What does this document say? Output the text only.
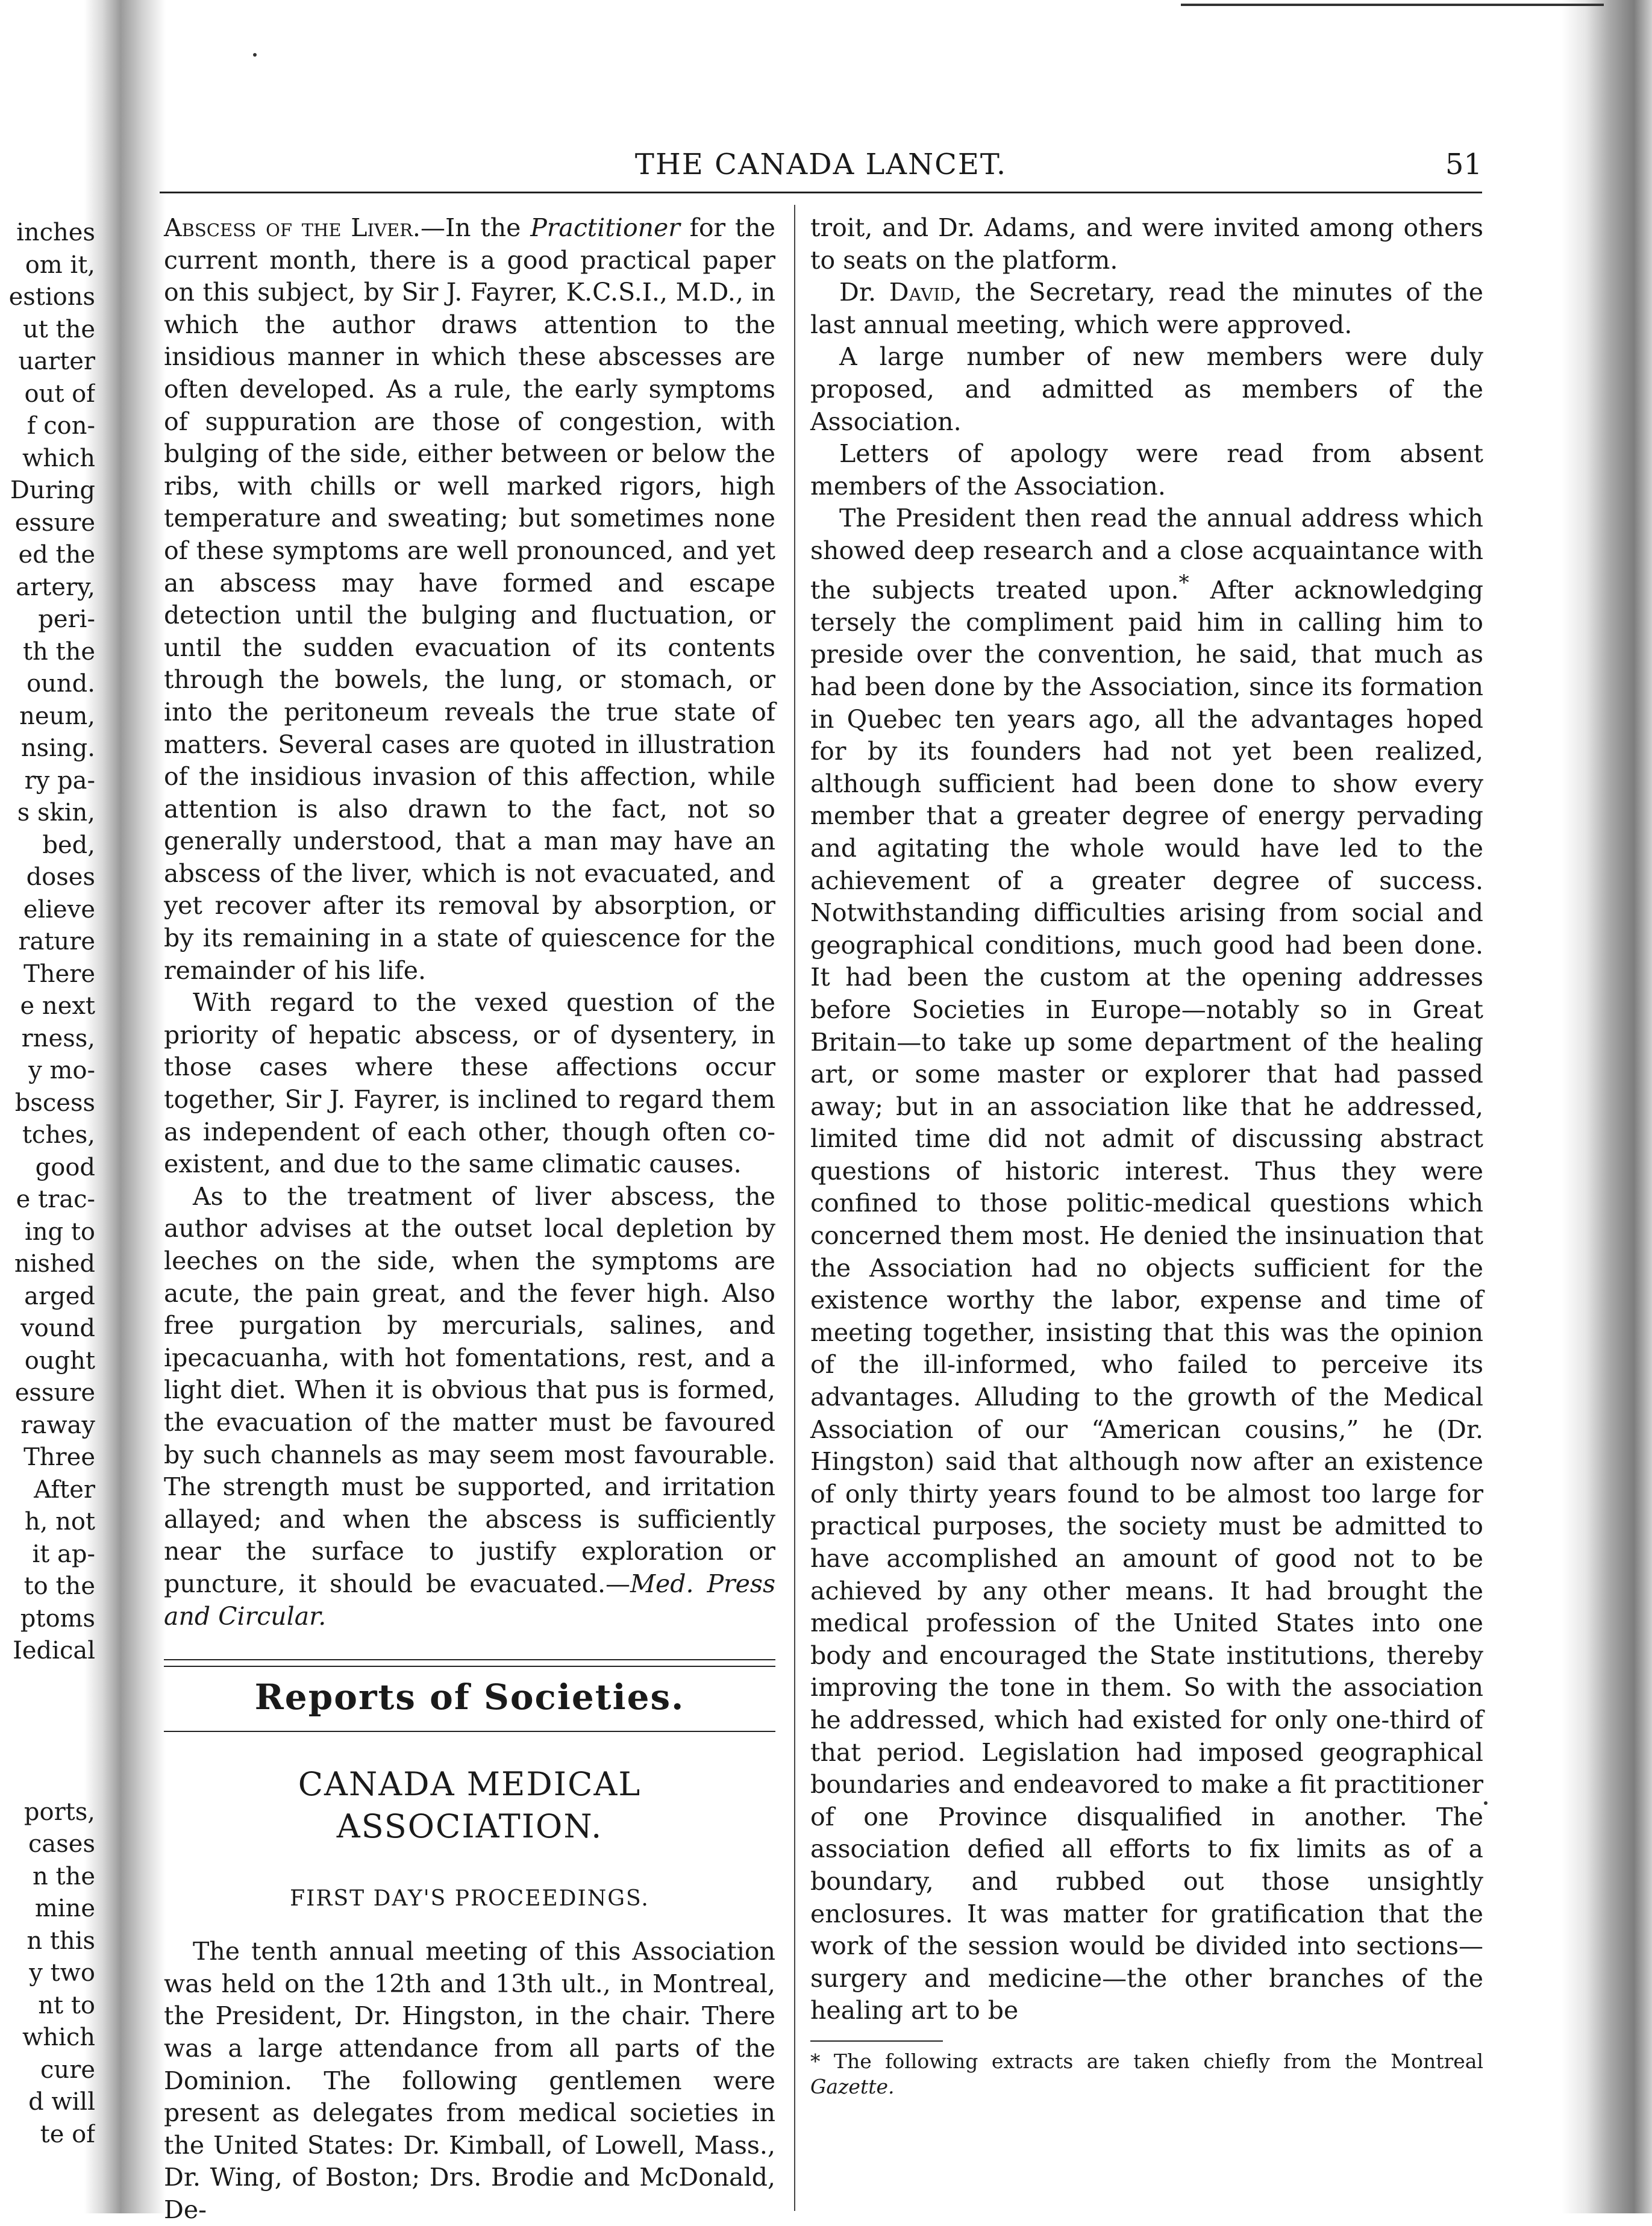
inches
om it,
estions
ut the
uarter
out of
f con-
which
During
essure
ed the
artery,
peri-
th the
ound.
neum,
nsing.
ry pa-
s skin,
bed,
doses
elieve
rature
There
e next
rness,
y mo-
bscess
tches,
good
e trac-
ing to
nished
arged
vound
ought
essure
raway
Three
After
h, not
it ap-
to the
ptoms
Iedical

ports,
cases
n the
mine
n this
y two
nt to
which
cure
d will
te of
THE CANADA LANCET.	51

Abscess of the Liver.—In the Practitioner for the current month, there is a good practical paper on this subject, by Sir J. Fayrer, K.C.S.I., M.D., in which the author draws attention to the insidious manner in which these abscesses are often developed. As a rule, the early symptoms of suppuration are those of congestion, with bulging of the side, either between or below the ribs, with chills or well marked rigors, high temperature and sweating; but sometimes none of these symptoms are well pronounced, and yet an abscess may have formed and escape detection until the bulging and fluctuation, or until the sudden evacuation of its contents through the bowels, the lung, or stomach, or into the peritoneum reveals the true state of matters. Several cases are quoted in illustration of the insidious invasion of this affection, while attention is also drawn to the fact, not so generally understood, that a man may have an abscess of the liver, which is not evacuated, and yet recover after its removal by absorption, or by its remaining in a state of quiescence for the remainder of his life.

With regard to the vexed question of the priority of hepatic abscess, or of dysentery, in those cases where these affections occur together, Sir J. Fayrer, is inclined to regard them as independent of each other, though often co-existent, and due to the same climatic causes.

As to the treatment of liver abscess, the author advises at the outset local depletion by leeches on the side, when the symptoms are acute, the pain great, and the fever high. Also free purgation by mercurials, salines, and ipecacuanha, with hot fomentations, rest, and a light diet. When it is obvious that pus is formed, the evacuation of the matter must be favoured by such channels as may seem most favourable. The strength must be supported, and irritation allayed; and when the abscess is sufficiently near the surface to justify exploration or puncture, it should be evacuated.—Med. Press and Circular.

Reports of Societies.
CANADA MEDICAL ASSOCIATION.
FIRST DAY'S PROCEEDINGS.

The tenth annual meeting of this Association was held on the 12th and 13th ult., in Montreal, the President, Dr. Hingston, in the chair. There was a large attendance from all parts of the Dominion. The following gentlemen were present as delegates from medical societies in the United States: Dr. Kimball, of Lowell, Mass., Dr. Wing, of Boston; Drs. Brodie and McDonald, De-

troit, and Dr. Adams, and were invited among others to seats on the platform.

Dr. David, the Secretary, read the minutes of the last annual meeting, which were approved.

A large number of new members were duly proposed, and admitted as members of the Association.

Letters of apology were read from absent members of the Association.

The President then read the annual address which showed deep research and a close acquaintance with the subjects treated upon.* After acknowledging tersely the compliment paid him in calling him to preside over the convention, he said, that much as had been done by the Association, since its formation in Quebec ten years ago, all the advantages hoped for by its founders had not yet been realized, although sufficient had been done to show every member that a greater degree of energy pervading and agitating the whole would have led to the achievement of a greater degree of success. Notwithstanding difficulties arising from social and geographical conditions, much good had been done. It had been the custom at the opening addresses before Societies in Europe—notably so in Great Britain—to take up some department of the healing art, or some master or explorer that had passed away; but in an association like that he addressed, limited time did not admit of discussing abstract questions of historic interest. Thus they were confined to those politic-medical questions which concerned them most. He denied the insinuation that the Association had no objects sufficient for the existence worthy the labor, expense and time of meeting together, insisting that this was the opinion of the ill-informed, who failed to perceive its advantages. Alluding to the growth of the Medical Association of our “American cousins,” he (Dr. Hingston) said that although now after an existence of only thirty years found to be almost too large for practical purposes, the society must be admitted to have accomplished an amount of good not to be achieved by any other means. It had brought the medical profession of the United States into one body and encouraged the State institutions, thereby improving the tone in them. So with the association he addressed, which had existed for only one-third of that period. Legislation had imposed geographical boundaries and endeavored to make a fit practitioner of one Province disqualified in another. The association defied all efforts to fix limits as of a boundary, and rubbed out those unsightly enclosures. It was matter for gratification that the work of the session would be divided into sections—surgery and medicine—the other branches of the healing art to be

* The following extracts are taken chiefly from the Montreal Gazette.
